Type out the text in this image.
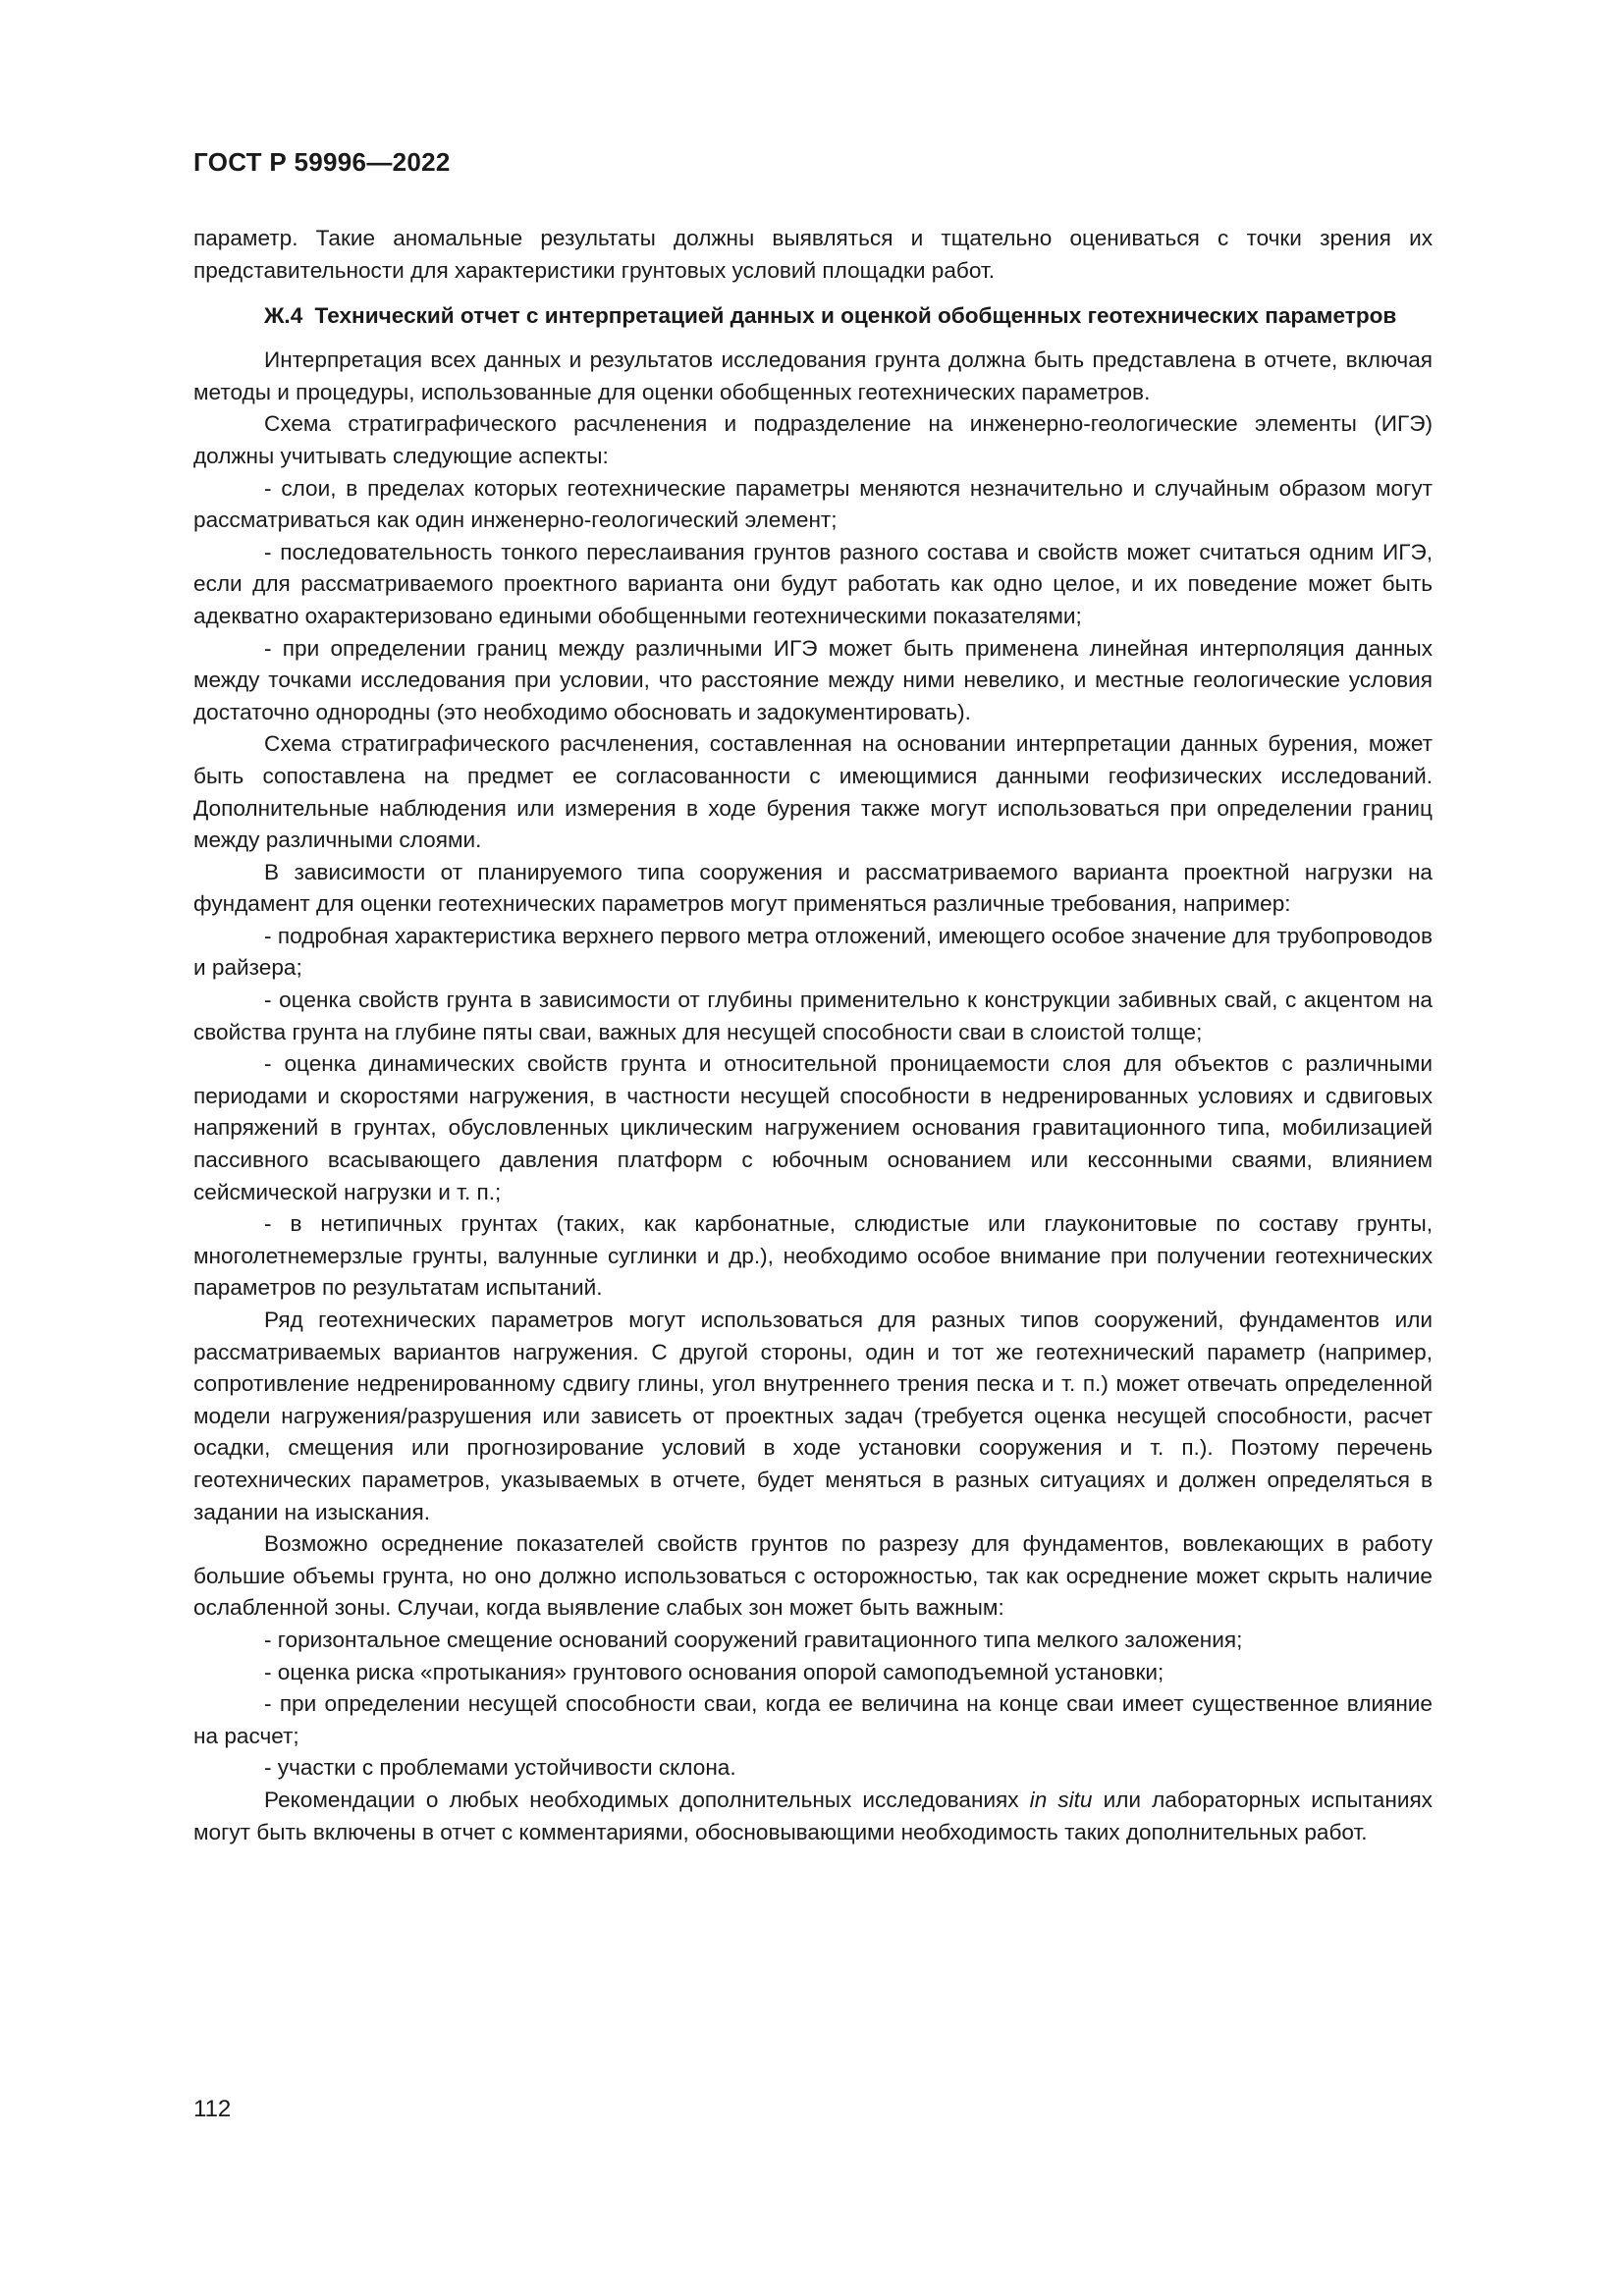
ГОСТ Р 59996—2022

параметр. Такие аномальные результаты должны выявляться и тщательно оцениваться с точки зрения их представительности для характеристики грунтовых условий площадки работ.

Ж.4 Технический отчет с интерпретацией данных и оценкой обобщенных геотехнических параметров

Интерпретация всех данных и результатов исследования грунта должна быть представлена в отчете, включая методы и процедуры, использованные для оценки обобщенных геотехнических параметров.

Схема стратиграфического расчленения и подразделение на инженерно-геологические элементы (ИГЭ) должны учитывать следующие аспекты:

- слои, в пределах которых геотехнические параметры меняются незначительно и случайным образом могут рассматриваться как один инженерно-геологический элемент;

- последовательность тонкого переслаивания грунтов разного состава и свойств может считаться одним ИГЭ, если для рассматриваемого проектного варианта они будут работать как одно целое, и их поведение может быть адекватно охарактеризовано едиными обобщенными геотехническими показателями;

- при определении границ между различными ИГЭ может быть применена линейная интерполяция данных между точками исследования при условии, что расстояние между ними невелико, и местные геологические условия достаточно однородны (это необходимо обосновать и задокументировать).

Схема стратиграфического расчленения, составленная на основании интерпретации данных бурения, может быть сопоставлена на предмет ее согласованности с имеющимися данными геофизических исследований. Дополнительные наблюдения или измерения в ходе бурения также могут использоваться при определении границ между различными слоями.

В зависимости от планируемого типа сооружения и рассматриваемого варианта проектной нагрузки на фундамент для оценки геотехнических параметров могут применяться различные требования, например:

- подробная характеристика верхнего первого метра отложений, имеющего особое значение для трубопроводов и райзера;

- оценка свойств грунта в зависимости от глубины применительно к конструкции забивных свай, с акцентом на свойства грунта на глубине пяты сваи, важных для несущей способности сваи в слоистой толще;

- оценка динамических свойств грунта и относительной проницаемости слоя для объектов с различными периодами и скоростями нагружения, в частности несущей способности в недренированных условиях и сдвиговых напряжений в грунтах, обусловленных циклическим нагружением основания гравитационного типа, мобилизацией пассивного всасывающего давления платформ с юбочным основанием или кессонными сваями, влиянием сейсмической нагрузки и т. п.;

- в нетипичных грунтах (таких, как карбонатные, слюдистые или глауконитовые по составу грунты, многолетнемерзлые грунты, валунные суглинки и др.), необходимо особое внимание при получении геотехнических параметров по результатам испытаний.

Ряд геотехнических параметров могут использоваться для разных типов сооружений, фундаментов или рассматриваемых вариантов нагружения. С другой стороны, один и тот же геотехнический параметр (например, сопротивление недренированному сдвигу глины, угол внутреннего трения песка и т. п.) может отвечать определенной модели нагружения/разрушения или зависеть от проектных задач (требуется оценка несущей способности, расчет осадки, смещения или прогнозирование условий в ходе установки сооружения и т. п.). Поэтому перечень геотехнических параметров, указываемых в отчете, будет меняться в разных ситуациях и должен определяться в задании на изыскания.

Возможно осреднение показателей свойств грунтов по разрезу для фундаментов, вовлекающих в работу большие объемы грунта, но оно должно использоваться с осторожностью, так как осреднение может скрыть наличие ослабленной зоны. Случаи, когда выявление слабых зон может быть важным:

- горизонтальное смещение оснований сооружений гравитационного типа мелкого заложения;

- оценка риска «протыкания» грунтового основания опорой самоподъемной установки;

- при определении несущей способности сваи, когда ее величина на конце сваи имеет существенное влияние на расчет;

- участки с проблемами устойчивости склона.

Рекомендации о любых необходимых дополнительных исследованиях in situ или лабораторных испытаниях могут быть включены в отчет с комментариями, обосновывающими необходимость таких дополнительных работ.

112
